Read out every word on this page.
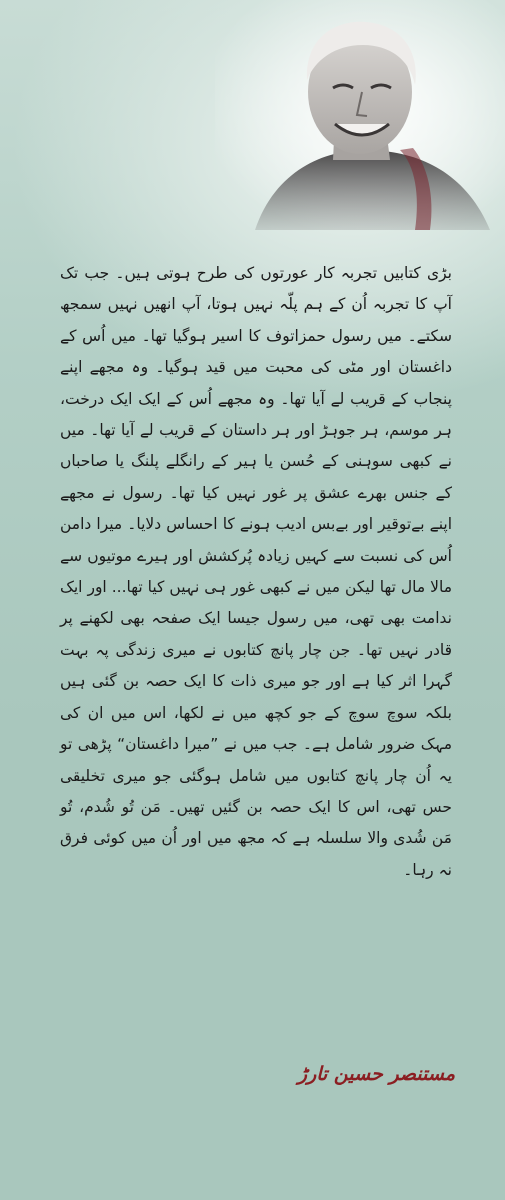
بڑی کتابیں تجربہ کار عورتوں کی طرح ہوتی ہیں۔ جب تک آپ کا تجربہ اُن کے ہم پلّہ نہیں ہوتا، آپ انھیں نہیں سمجھ سکتے۔ میں رسول حمزاتوف کا اسیر ہوگیا تھا۔ میں اُس کے داغستان اور مٹی کی محبت میں قید ہوگیا۔ وہ مجھے اپنے پنجاب کے قریب لے آیا تھا۔ وہ مجھے اُس کے ایک ایک درخت، ہر موسم، ہر جوہڑ اور ہر داستان کے قریب لے آیا تھا۔ میں نے کبھی سوہنی کے حُسن یا ہیر کے رانگلے پلنگ یا صاحباں کے جنس بھرے عشق پر غور نہیں کیا تھا۔ رسول نے مجھے اپنے بےتوقیر اور بےبس ادیب ہونے کا احساس دلایا۔ میرا دامن اُس کی نسبت سے کہیں زیادہ پُرکشش اور ہیرے موتیوں سے مالا مال تھا لیکن میں نے کبھی غور ہی نہیں کیا تھا... اور ایک ندامت بھی تھی، میں رسول جیسا ایک صفحہ بھی لکھنے پر قادر نہیں تھا۔ جن چار پانچ کتابوں نے میری زندگی پہ بہت گہرا اثر کیا ہے اور جو میری ذات کا ایک حصہ بن گئی ہیں بلکہ سوچ سوچ کے جو کچھ میں نے لکھا، اس میں ان کی مہک ضرور شامل ہے۔ جب میں نے ”میرا داغستان“ پڑھی تو یہ اُن چار پانچ کتابوں میں شامل ہوگئی جو میری تخلیقی حس تھی، اس کا ایک حصہ بن گئیں تھیں۔ مَن تُو شُدم، تُو مَن شُدی والا سلسلہ ہے کہ مجھ میں اور اُن میں کوئی فرق نہ رہا۔

مستنصر حسین تارڑ
